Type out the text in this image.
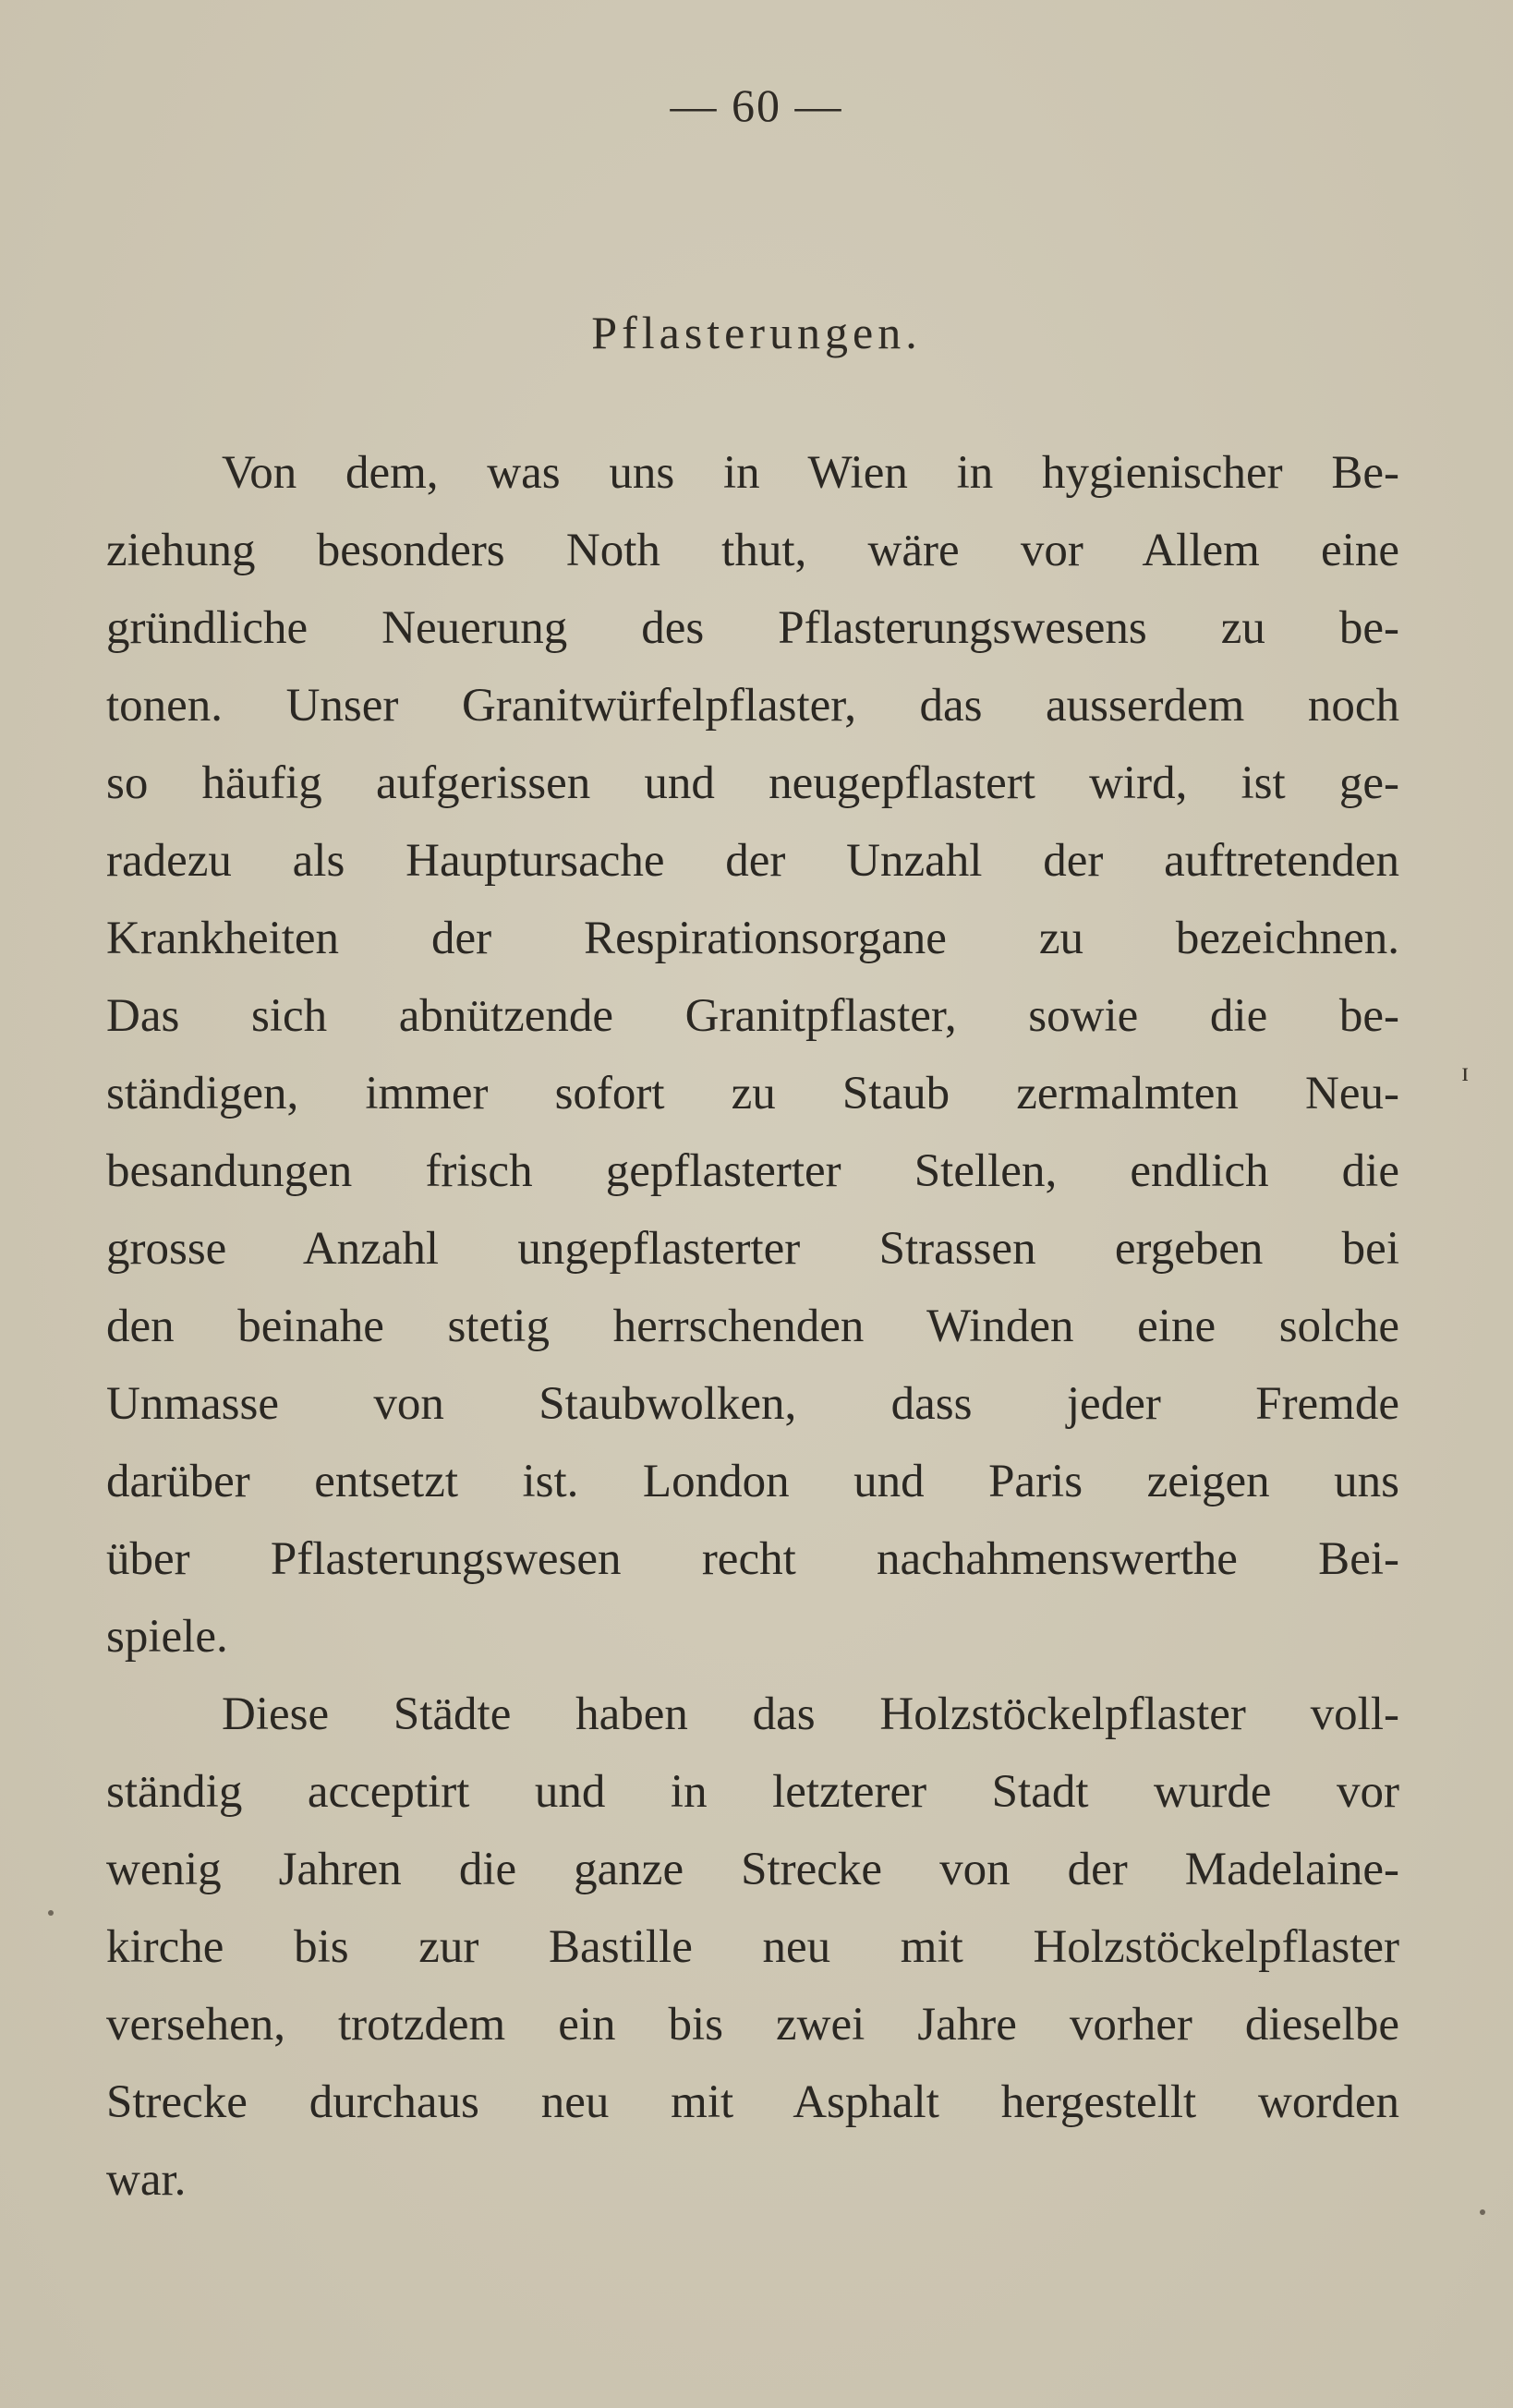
— 60 —
Pflasterungen.
Von dem, was uns in Wien in hygienischer Be-
ziehung besonders Noth thut, wäre vor Allem eine
gründliche Neuerung des Pflasterungswesens zu be-
tonen. Unser Granitwürfelpflaster, das ausserdem noch
so häufig aufgerissen und neugepflastert wird, ist ge-
radezu als Hauptursache der Unzahl der auftretenden
Krankheiten der Respirationsorgane zu bezeichnen.
Das sich abnützende Granitpflaster, sowie die be-
ständigen, immer sofort zu Staub zermalmten Neu-
besandungen frisch gepflasterter Stellen, endlich die
grosse Anzahl ungepflasterter Strassen ergeben bei
den beinahe stetig herrschenden Winden eine solche
Unmasse von Staubwolken, dass jeder Fremde
darüber entsetzt ist. London und Paris zeigen uns
über Pflasterungswesen recht nachahmenswerthe Bei-
spiele.
Diese Städte haben das Holzstöckelpflaster voll-
ständig acceptirt und in letzterer Stadt wurde vor
wenig Jahren die ganze Strecke von der Madelaine-
kirche bis zur Bastille neu mit Holzstöckelpflaster
versehen, trotzdem ein bis zwei Jahre vorher dieselbe
Strecke durchaus neu mit Asphalt hergestellt worden
war.
ɪ
